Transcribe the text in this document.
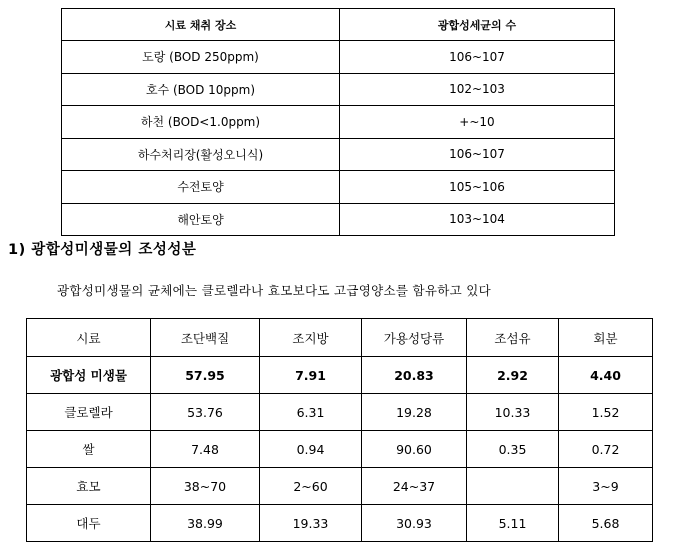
시료 채취 장소	광합성세균의 수
도랑 (BOD 250ppm)	106~107
호수 (BOD 10ppm)	102~103
하천 (BOD<1.0ppm)	+~10
하수처리장(활성오니식)	106~107
수전토양	105~106
해안토양	103~104
1) 광합성미생물의 조성성분
광합성미생물의 균체에는 클로렐라나 효모보다도 고급영양소를 함유하고 있다
시료	조단백질	조지방	가용성당류	조섬유	회분
광합성 미생물	57.95	7.91	20.83	2.92	4.40
클로렐라	53.76	6.31	19.28	10.33	1.52
쌀	7.48	0.94	90.60	0.35	0.72
효모	38~70	2~60	24~37		3~9
대두	38.99	19.33	30.93	5.11	5.68
